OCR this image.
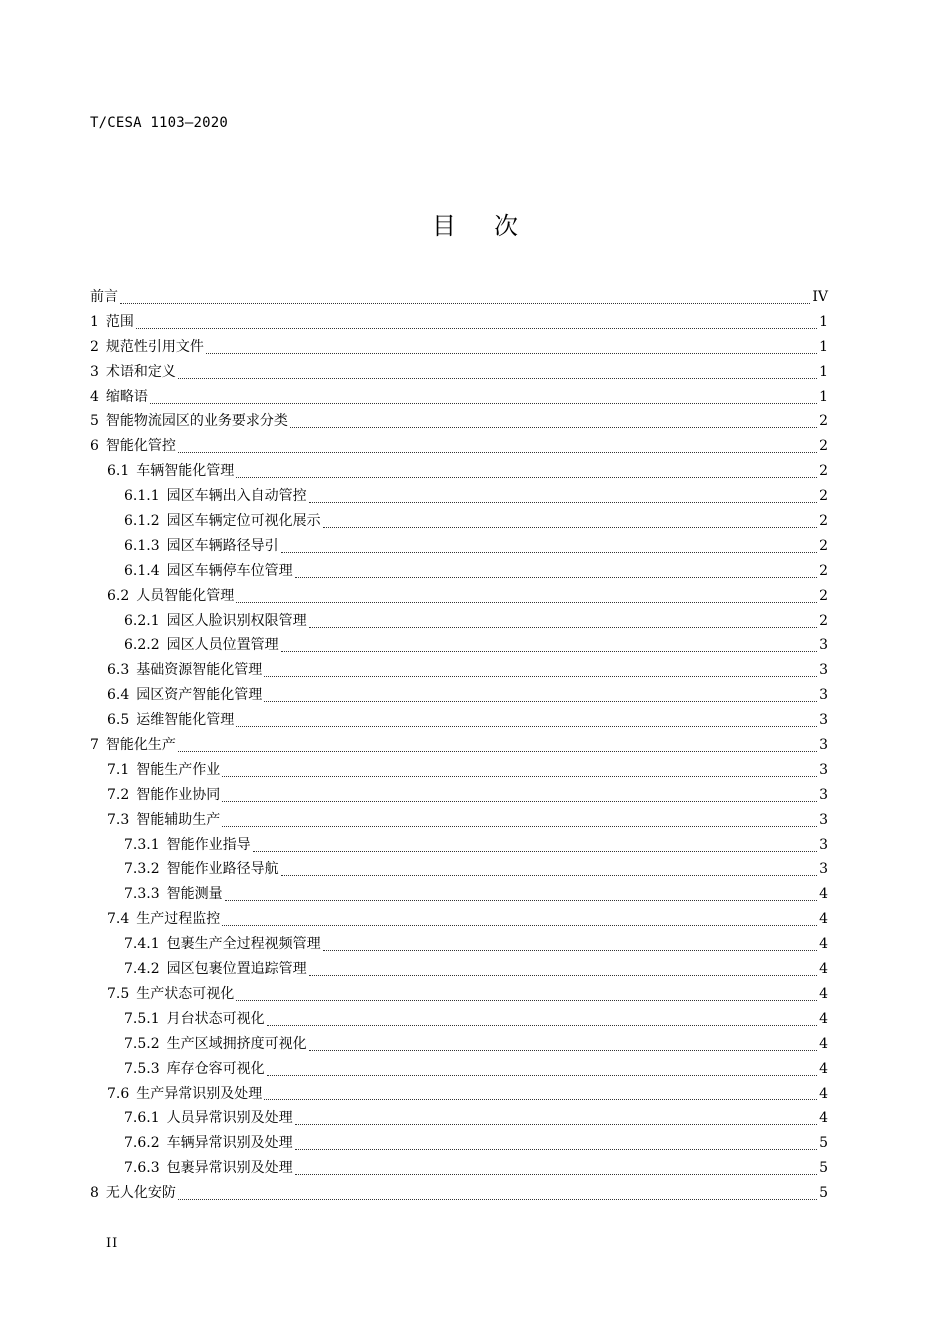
T/CESA 1103—2020
目 次
前言	IV
1 范围	1
2 规范性引用文件	1
3 术语和定义	1
4 缩略语	1
5 智能物流园区的业务要求分类	2
6 智能化管控	2
6.1 车辆智能化管理	2
6.1.1 园区车辆出入自动管控	2
6.1.2 园区车辆定位可视化展示	2
6.1.3 园区车辆路径导引	2
6.1.4 园区车辆停车位管理	2
6.2 人员智能化管理	2
6.2.1 园区人脸识别权限管理	2
6.2.2 园区人员位置管理	3
6.3 基础资源智能化管理	3
6.4 园区资产智能化管理	3
6.5 运维智能化管理	3
7 智能化生产	3
7.1 智能生产作业	3
7.2 智能作业协同	3
7.3 智能辅助生产	3
7.3.1 智能作业指导	3
7.3.2 智能作业路径导航	3
7.3.3 智能测量	4
7.4 生产过程监控	4
7.4.1 包裹生产全过程视频管理	4
7.4.2 园区包裹位置追踪管理	4
7.5 生产状态可视化	4
7.5.1 月台状态可视化	4
7.5.2 生产区域拥挤度可视化	4
7.5.3 库存仓容可视化	4
7.6 生产异常识别及处理	4
7.6.1 人员异常识别及处理	4
7.6.2 车辆异常识别及处理	5
7.6.3 包裹异常识别及处理	5
8 无人化安防	5
II
